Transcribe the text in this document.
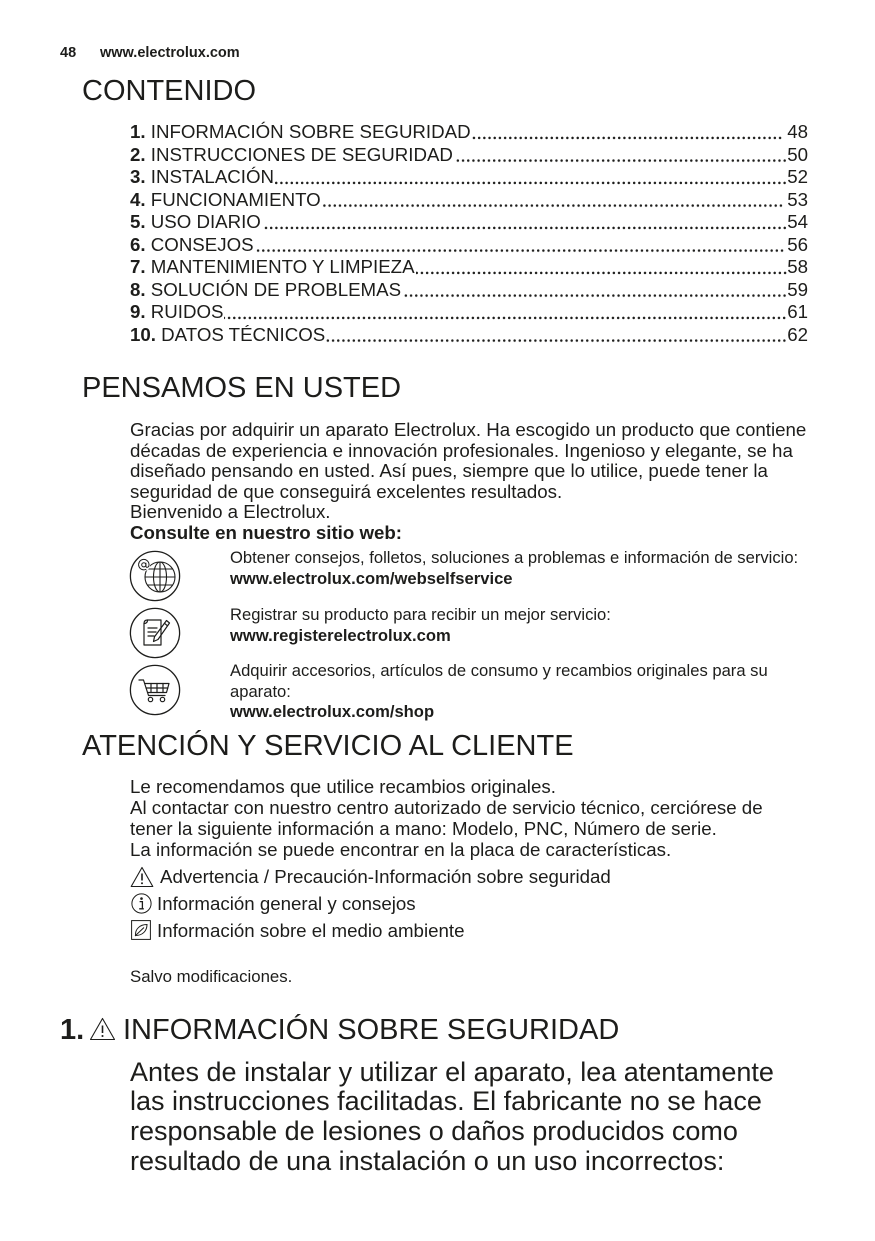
48 www.electrolux.com
CONTENIDO
1. INFORMACIÓN SOBRE SEGURIDAD	48
2. INSTRUCCIONES DE SEGURIDAD	50
3. INSTALACIÓN	52
4. FUNCIONAMIENTO	53
5. USO DIARIO	54
6. CONSEJOS	56
7. MANTENIMIENTO Y LIMPIEZA	58
8. SOLUCIÓN DE PROBLEMAS	59
9. RUIDOS	61
10. DATOS TÉCNICOS	62
PENSAMOS EN USTED
Gracias por adquirir un aparato Electrolux. Ha escogido un producto que contiene
décadas de experiencia e innovación profesionales. Ingenioso y elegante, se ha
diseñado pensando en usted. Así pues, siempre que lo utilice, puede tener la
seguridad de que conseguirá excelentes resultados.
Bienvenido a Electrolux.
Consulte en nuestro sitio web:
Obtener consejos, folletos, soluciones a problemas e información de servicio:
www.electrolux.com/webselfservice
Registrar su producto para recibir un mejor servicio:
www.registerelectrolux.com
Adquirir accesorios, artículos de consumo y recambios originales para su
aparato:
www.electrolux.com/shop
ATENCIÓN Y SERVICIO AL CLIENTE
Le recomendamos que utilice recambios originales.
Al contactar con nuestro centro autorizado de servicio técnico, cerciórese de
tener la siguiente información a mano: Modelo, PNC, Número de serie.
La información se puede encontrar en la placa de características.
Advertencia / Precaución-Información sobre seguridad
Información general y consejos
Información sobre el medio ambiente
Salvo modificaciones.
1. INFORMACIÓN SOBRE SEGURIDAD
Antes de instalar y utilizar el aparato, lea atentamente
las instrucciones facilitadas. El fabricante no se hace
responsable de lesiones o daños producidos como
resultado de una instalación o un uso incorrectos:
